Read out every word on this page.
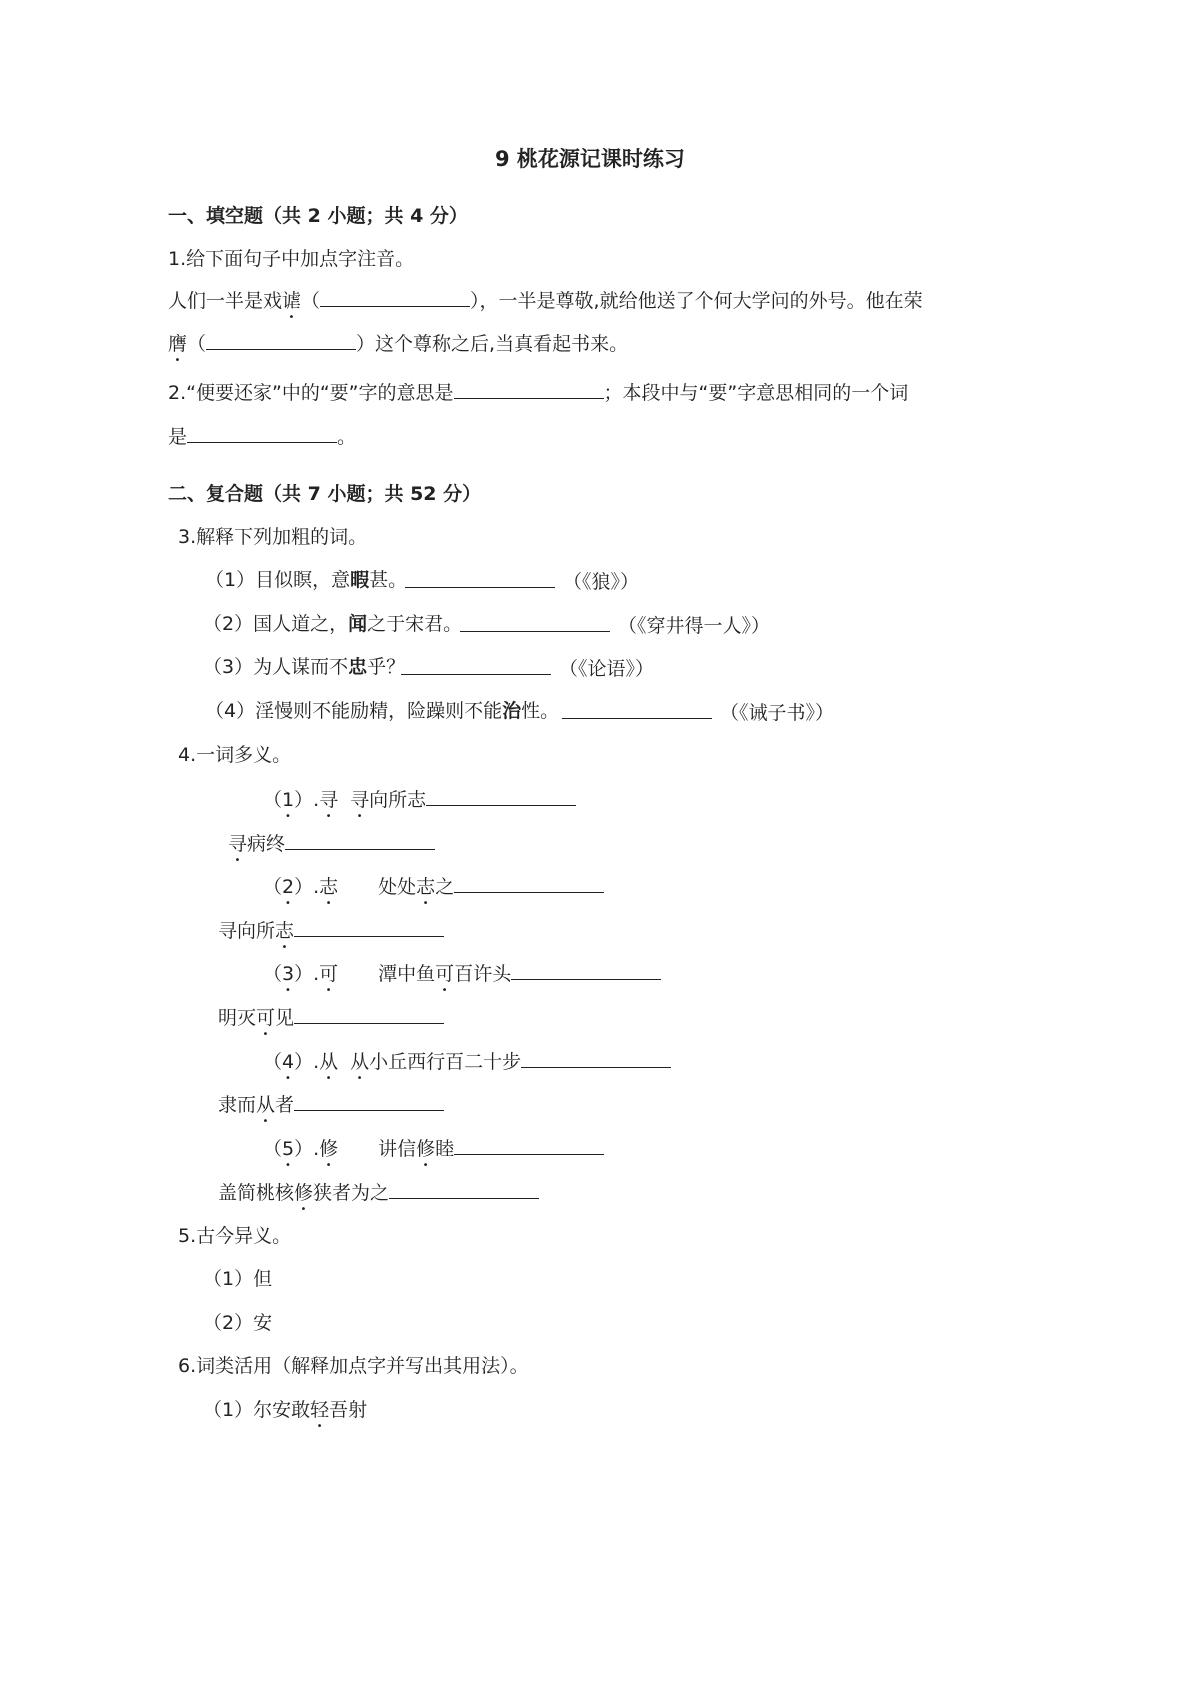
9 桃花源记课时练习
一、填空题（共 2 小题；共 4 分）
1.给下面句子中加点字注音。
人们一半是戏谑（	），一半是尊敬,就给他送了个何大学问的外号。他在荣
膺（	）这个尊称之后,当真看起书来。
2.“便要还家”中的“要”字的意思是	；本段中与“要”字意思相同的一个词
是	。
二、复合题（共 7 小题；共 52 分）
3.解释下列加粗的词。
（1）目似瞑，意暇甚。	（《狼》）
（2）国人道之，闻之于宋君。	（《穿井得一人》）
（3）为人谋而不忠乎？	（《论语》）
（4）淫慢则不能励精，险躁则不能治性。	（《诫子书》）
4.一词多义。
（1）.寻 寻向所志
寻病终
（2）.志 处处志之
寻向所志
（3）.可 潭中鱼可百许头
明灭可见
（4）.从 从小丘西行百二十步
隶而从者
（5）.修 讲信修睦
盖简桃核修狭者为之
5.古今异义。
（1）但
（2）安
6.词类活用（解释加点字并写出其用法）。
（1）尔安敢轻吾射
